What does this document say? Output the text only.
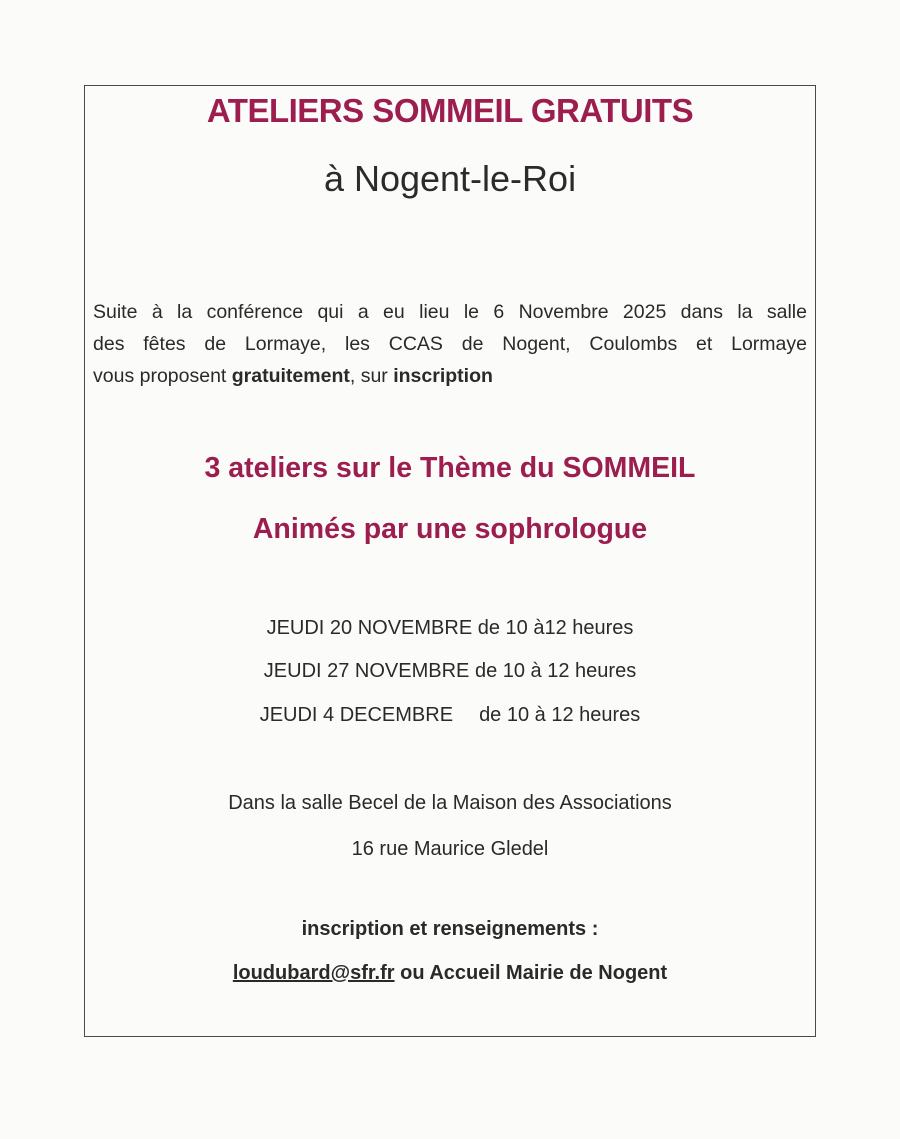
ATELIERS SOMMEIL GRATUITS
à Nogent-le-Roi
Suite à la conférence qui a eu lieu le 6 Novembre 2025 dans la salle
des fêtes de Lormaye, les CCAS de Nogent, Coulombs et Lormaye
vous proposent gratuitement, sur inscription
3 ateliers sur le Thème du SOMMEIL
Animés par une sophrologue
JEUDI 20 NOVEMBRE de 10 à12 heures
JEUDI 27 NOVEMBRE de 10 à 12 heures
JEUDI 4 DECEMBRE de 10 à 12 heures
Dans la salle Becel de la Maison des Associations
16 rue Maurice Gledel
inscription et renseignements :
loudubard@sfr.fr ou Accueil Mairie de Nogent
